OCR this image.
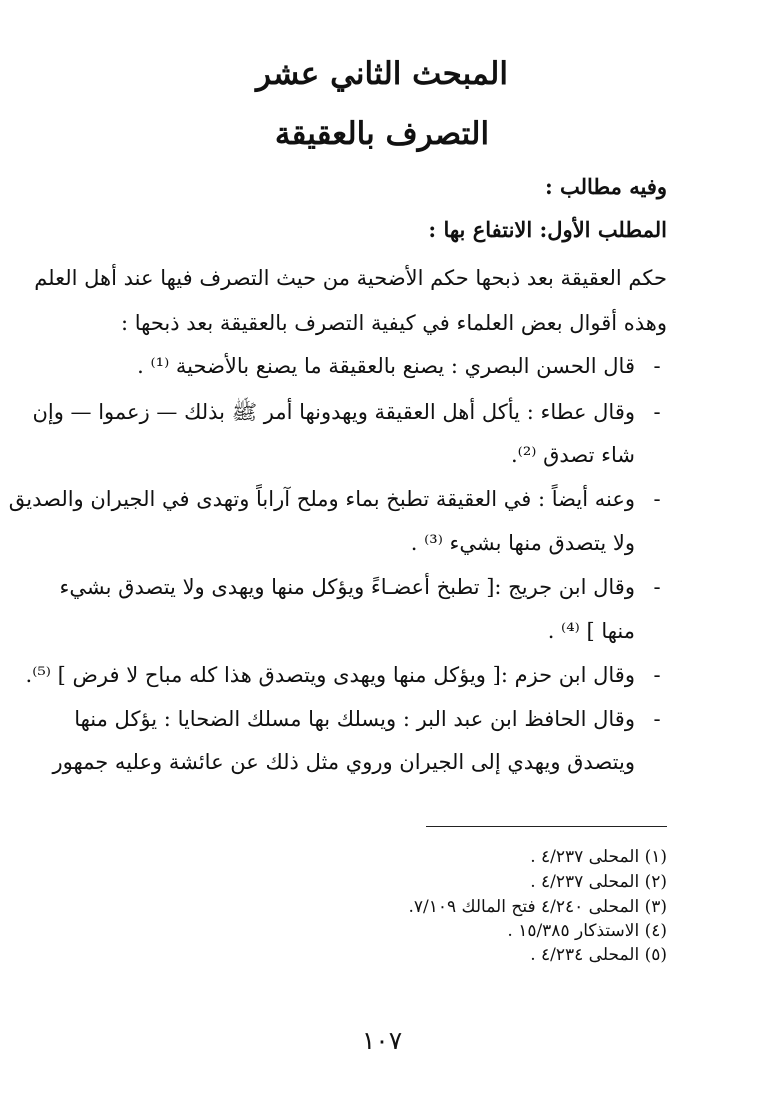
المبحث الثاني عشر
التصرف بالعقيقة
وفيه مطالب :
المطلب الأول: الانتفاع بها :
حكم العقيقة بعد ذبحها حكم الأضحية من حيث التصرف فيها عند أهل العلم
وهذه أقوال بعض العلماء في كيفية التصرف بالعقيقة بعد ذبحها :
-
قال الحسن البصري : يصنع بالعقيقة ما يصنع بالأضحية ⁽¹⁾ .
-
وقال عطاء : يأكل أهل العقيقة ويهدونها أمر ﷺ بذلك — زعموا — وإن
شاء تصدق ⁽²⁾.
-
وعنه أيضاً : في العقيقة تطبخ بماء وملح آراباً وتهدى في الجيران والصديق
ولا يتصدق منها بشيء ⁽³⁾ .
-
وقال ابن جريج :[ تطبخ أعضـاءً ويؤكل منها ويهدى ولا يتصدق بشيء
منها ] ⁽⁴⁾ .
-
وقال ابن حزم :[ ويؤكل منها ويهدى ويتصدق هذا كله مباح لا فرض ] ⁽⁵⁾.
-
وقال الحافظ ابن عبد البر : ويسلك بها مسلك الضحايا : يؤكل منها
ويتصدق ويهدي إلى الجيران وروي مثل ذلك عن عائشة وعليه جمهور
(١) المحلى ٤/٢٣٧ .
(٢) المحلى ٤/٢٣٧ .
(٣) المحلى ٤/٢٤٠ فتح المالك ٧/١٠٩.
(٤) الاستذكار ١٥/٣٨٥ .
(٥) المحلى ٤/٢٣٤ .
١٠٧
